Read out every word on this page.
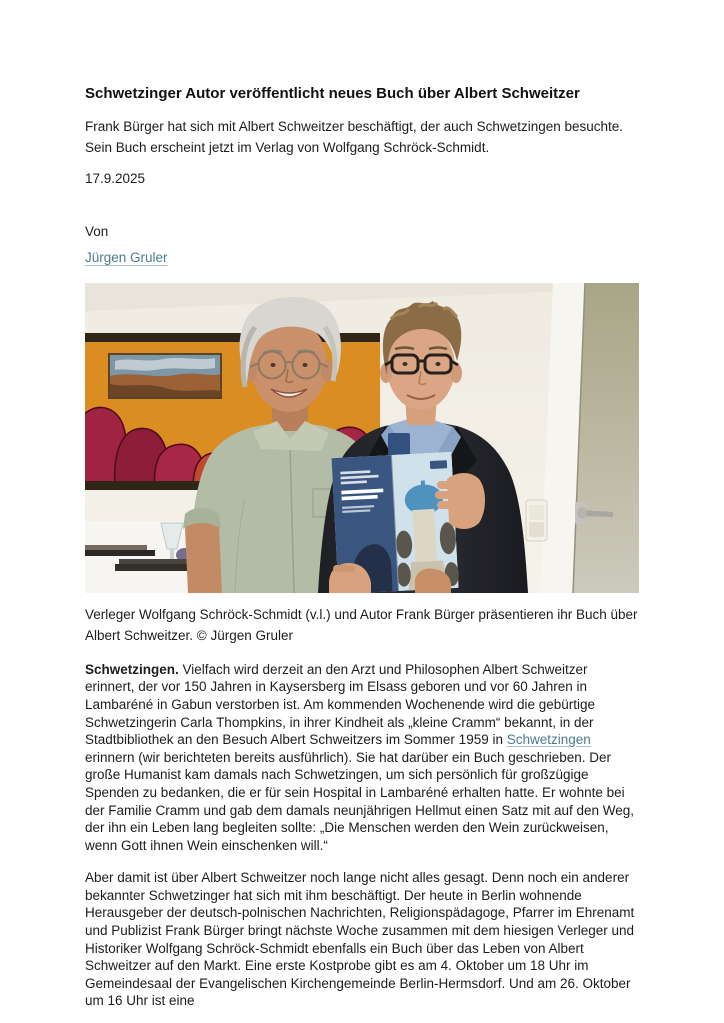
Schwetzinger Autor veröffentlicht neues Buch über Albert Schweitzer

Frank Bürger hat sich mit Albert Schweitzer beschäftigt, der auch Schwetzingen besuchte. Sein Buch erscheint jetzt im Verlag von Wolfgang Schröck-Schmidt.

17.9.2025

Von

Jürgen Gruler

Verleger Wolfgang Schröck-Schmidt (v.l.) und Autor Frank Bürger präsentieren ihr Buch über Albert Schweitzer. © Jürgen Gruler

Schwetzingen. Vielfach wird derzeit an den Arzt und Philosophen Albert Schweitzer erinnert, der vor 150 Jahren in Kaysersberg im Elsass geboren und vor 60 Jahren in Lambaréné in Gabun verstorben ist. Am kommenden Wochenende wird die gebürtige Schwetzingerin Carla Thompkins, in ihrer Kindheit als „kleine Cramm“ bekannt, in der Stadtbibliothek an den Besuch Albert Schweitzers im Sommer 1959 in Schwetzingen erinnern (wir berichteten bereits ausführlich). Sie hat darüber ein Buch geschrieben. Der große Humanist kam damals nach Schwetzingen, um sich persönlich für großzügige Spenden zu bedanken, die er für sein Hospital in Lambaréné erhalten hatte. Er wohnte bei der Familie Cramm und gab dem damals neunjährigen Hellmut einen Satz mit auf den Weg, der ihn ein Leben lang begleiten sollte: „Die Menschen werden den Wein zurückweisen, wenn Gott ihnen Wein einschenken will.“

Aber damit ist über Albert Schweitzer noch lange nicht alles gesagt. Denn noch ein anderer bekannter Schwetzinger hat sich mit ihm beschäftigt. Der heute in Berlin wohnende Herausgeber der deutsch-polnischen Nachrichten, Religionspädagoge, Pfarrer im Ehrenamt und Publizist Frank Bürger bringt nächste Woche zusammen mit dem hiesigen Verleger und Historiker Wolfgang Schröck-Schmidt ebenfalls ein Buch über das Leben von Albert Schweitzer auf den Markt. Eine erste Kostprobe gibt es am 4. Oktober um 18 Uhr im Gemeindesaal der Evangelischen Kirchengemeinde Berlin-Hermsdorf. Und am 26. Oktober um 16 Uhr ist eine
